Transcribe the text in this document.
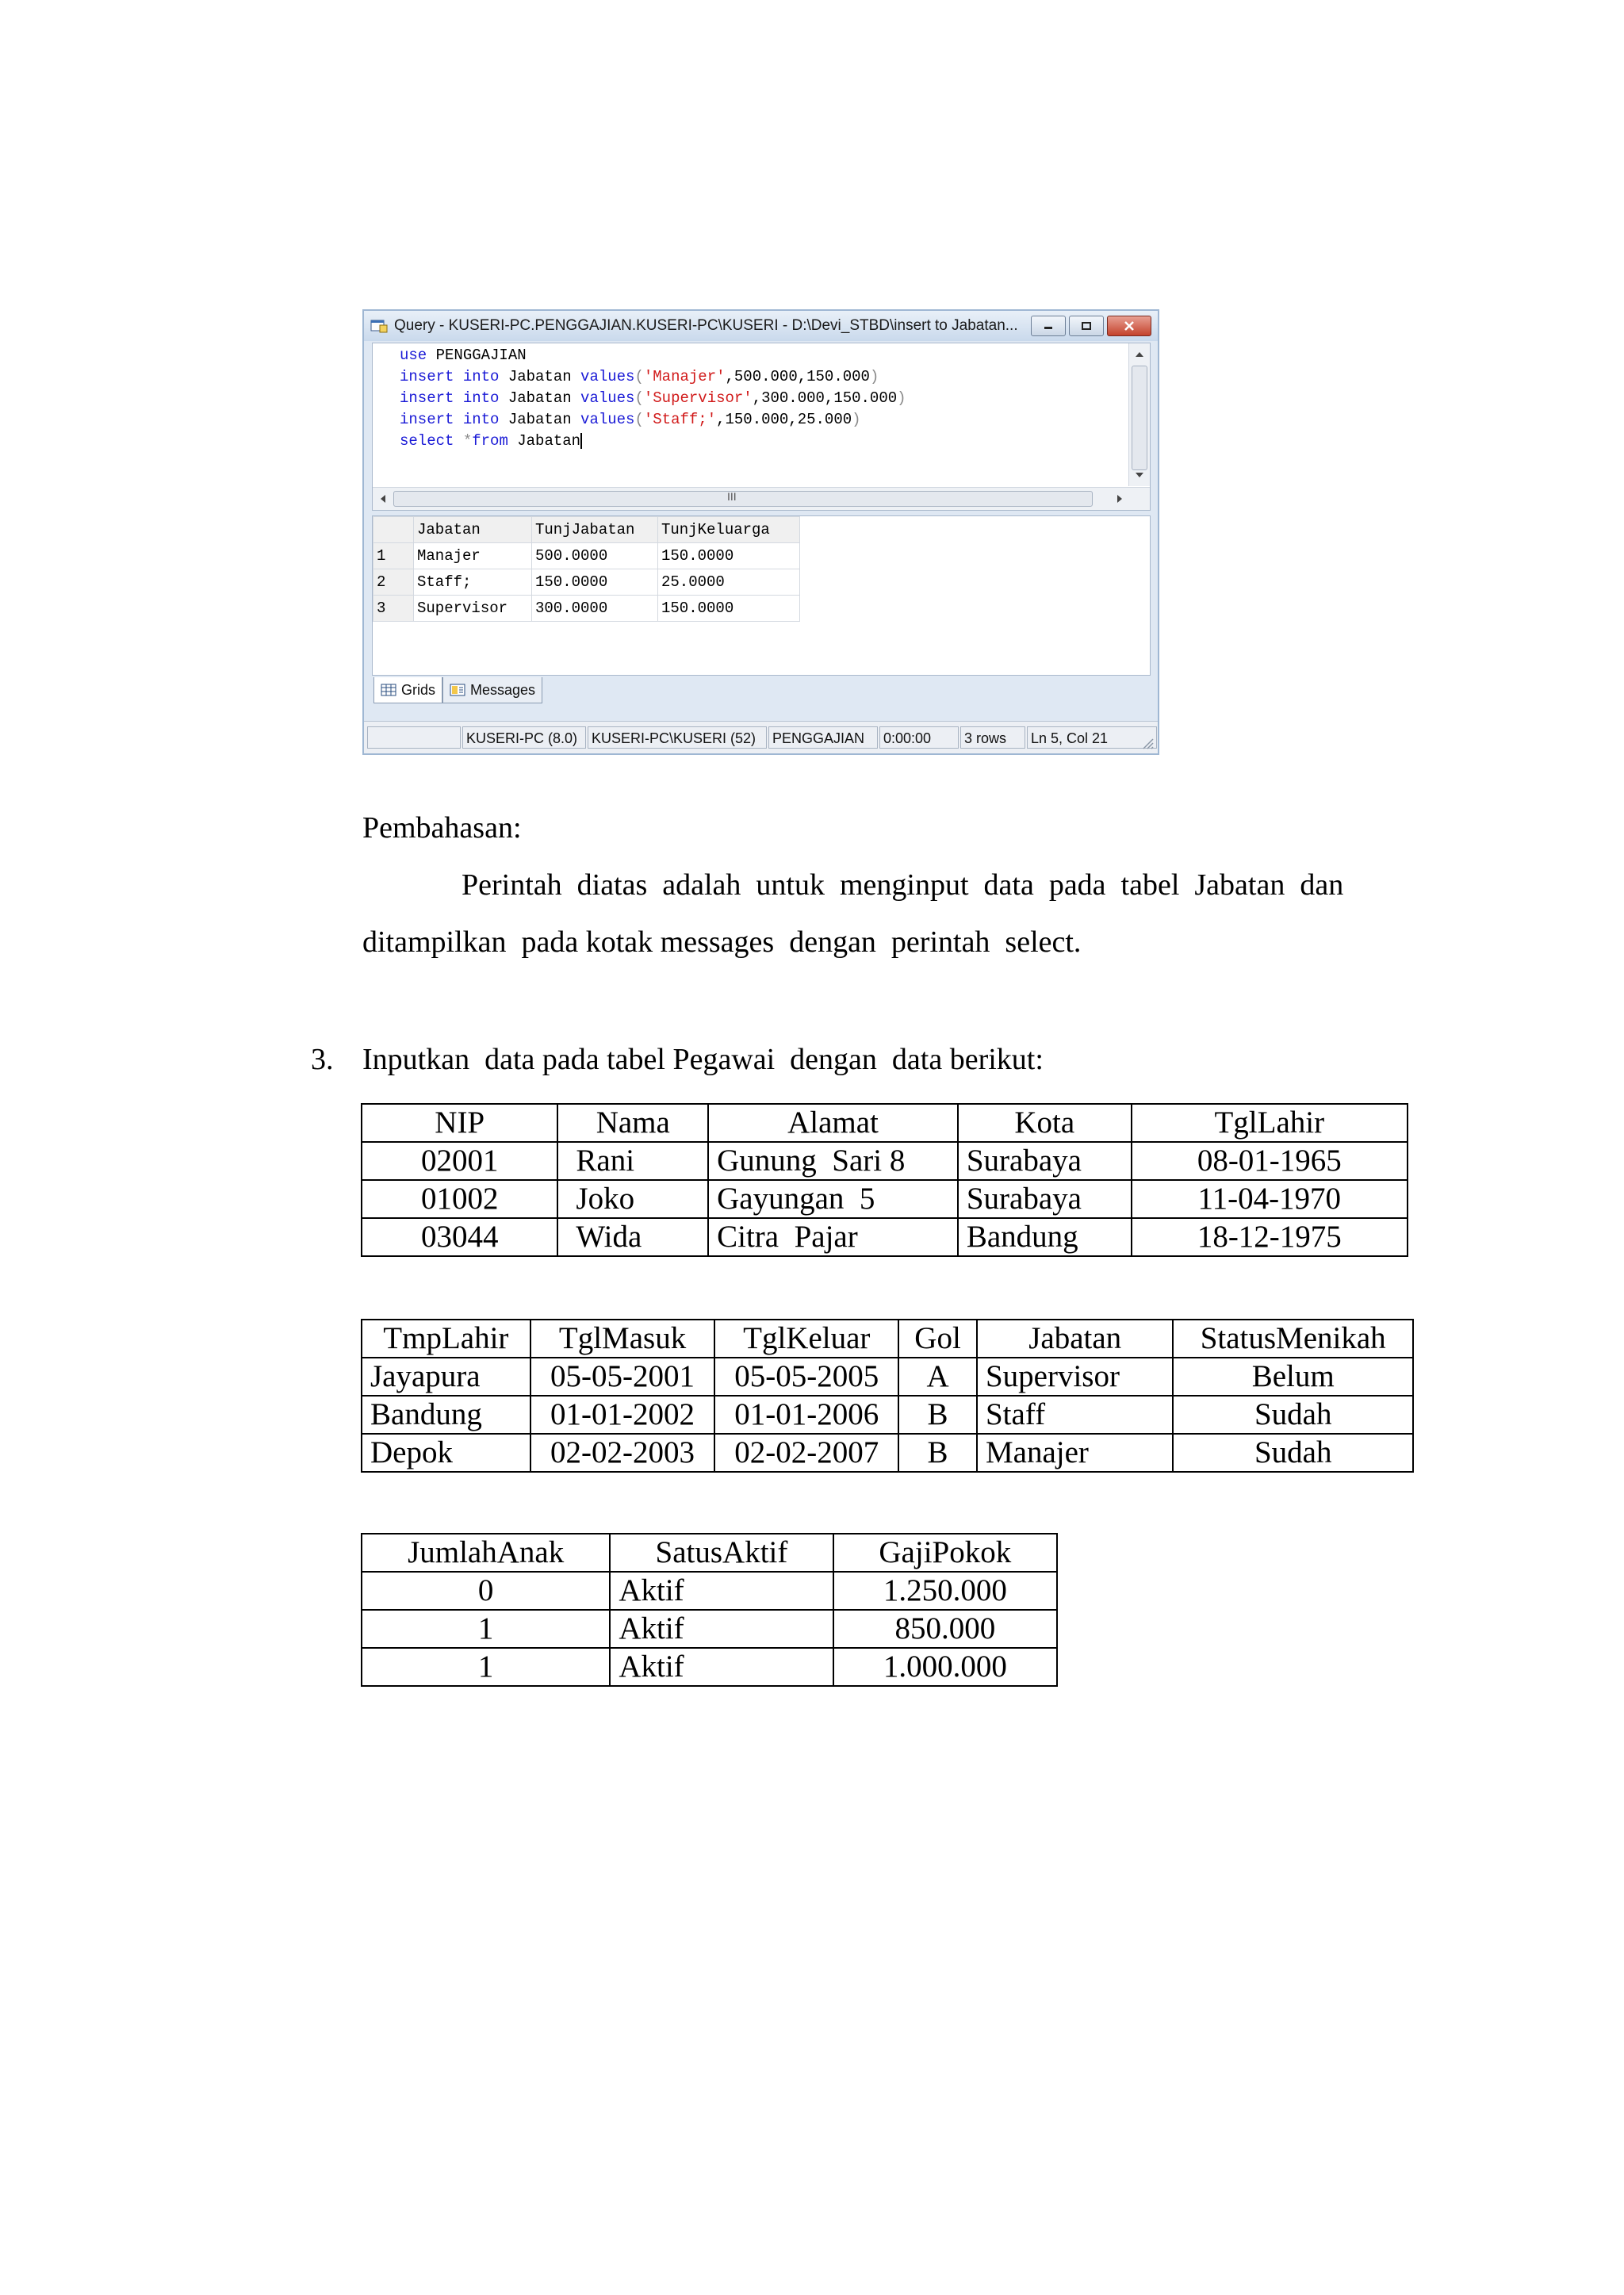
Query - KUSERI-PC.PENGGAJIAN.KUSERI-PC\KUSERI - D:\Devi_STBD\insert to Jabatan...
use PENGGAJIAN
insert into Jabatan values('Manajer',500.000,150.000)
insert into Jabatan values('Supervisor',300.000,150.000)
insert into Jabatan values('Staff;',150.000,25.000)
select *from Jabatan
III
	Jabatan	TunjJabatan	TunjKeluarga
1	Manajer	500.0000	150.0000
2	Staff;	150.0000	25.0000
3	Supervisor	300.0000	150.0000
Grids Messages
KUSERI-PC (8.0) KUSERI-PC\KUSERI (52)	PENGGAJIAN	0:00:00	3 rows	Ln 5, Col 21
Pembahasan:
Perintah  diatas  adalah  untuk  menginput  data  pada  tabel  Jabatan  dan
ditampilkan  pada kotak messages  dengan  perintah  select.
3. Inputkan  data pada tabel Pegawai  dengan  data berikut:
NIP	Nama	Alamat	Kota	TglLahir
02001	Rani	Gunung  Sari 8	Surabaya	08-01-1965
01002	Joko	Gayungan  5	Surabaya	11-04-1970
03044	Wida	Citra  Pajar	Bandung	18-12-1975
TmpLahir	TglMasuk	TglKeluar	Gol	Jabatan	StatusMenikah
Jayapura	05-05-2001	05-05-2005	A	Supervisor	Belum
Bandung	01-01-2002	01-01-2006	B	Staff	Sudah
Depok	02-02-2003	02-02-2007	B	Manajer	Sudah
JumlahAnak	SatusAktif	GajiPokok
0	Aktif	1.250.000
1	Aktif	850.000
1	Aktif	1.000.000
